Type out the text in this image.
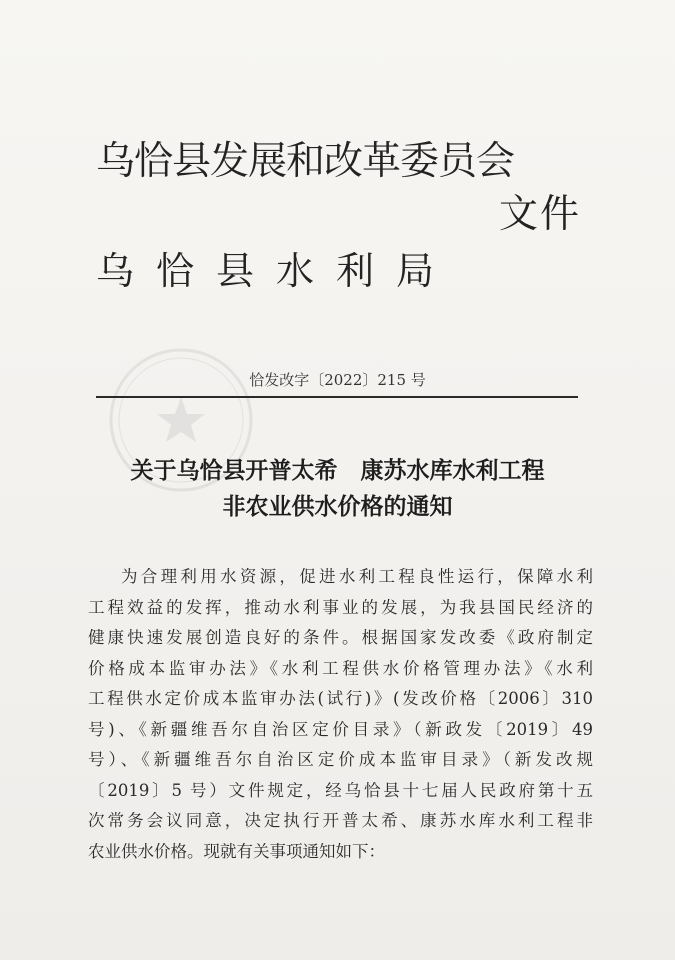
乌恰县发展和改革委员会
文件
乌恰县水利局
恰发改字〔2022〕215 号
关于乌恰县开普太希　康苏水库水利工程
非农业供水价格的通知
为合理利用水资源，促进水利工程良性运行，保障水利
工程效益的发挥，推动水利事业的发展，为我县国民经济的
健康快速发展创造良好的条件。根据国家发改委《政府制定
价格成本监审办法》《水利工程供水价格管理办法》《水利
工程供水定价成本监审办法(试行)》(发改价格〔2006〕310
号)、《新疆维吾尔自治区定价目录》（新政发〔2019〕49
号）、《新疆维吾尔自治区定价成本监审目录》（新发改规
〔2019〕5 号）文件规定，经乌恰县十七届人民政府第十五
次常务会议同意，决定执行开普太希、康苏水库水利工程非
农业供水价格。现就有关事项通知如下：
